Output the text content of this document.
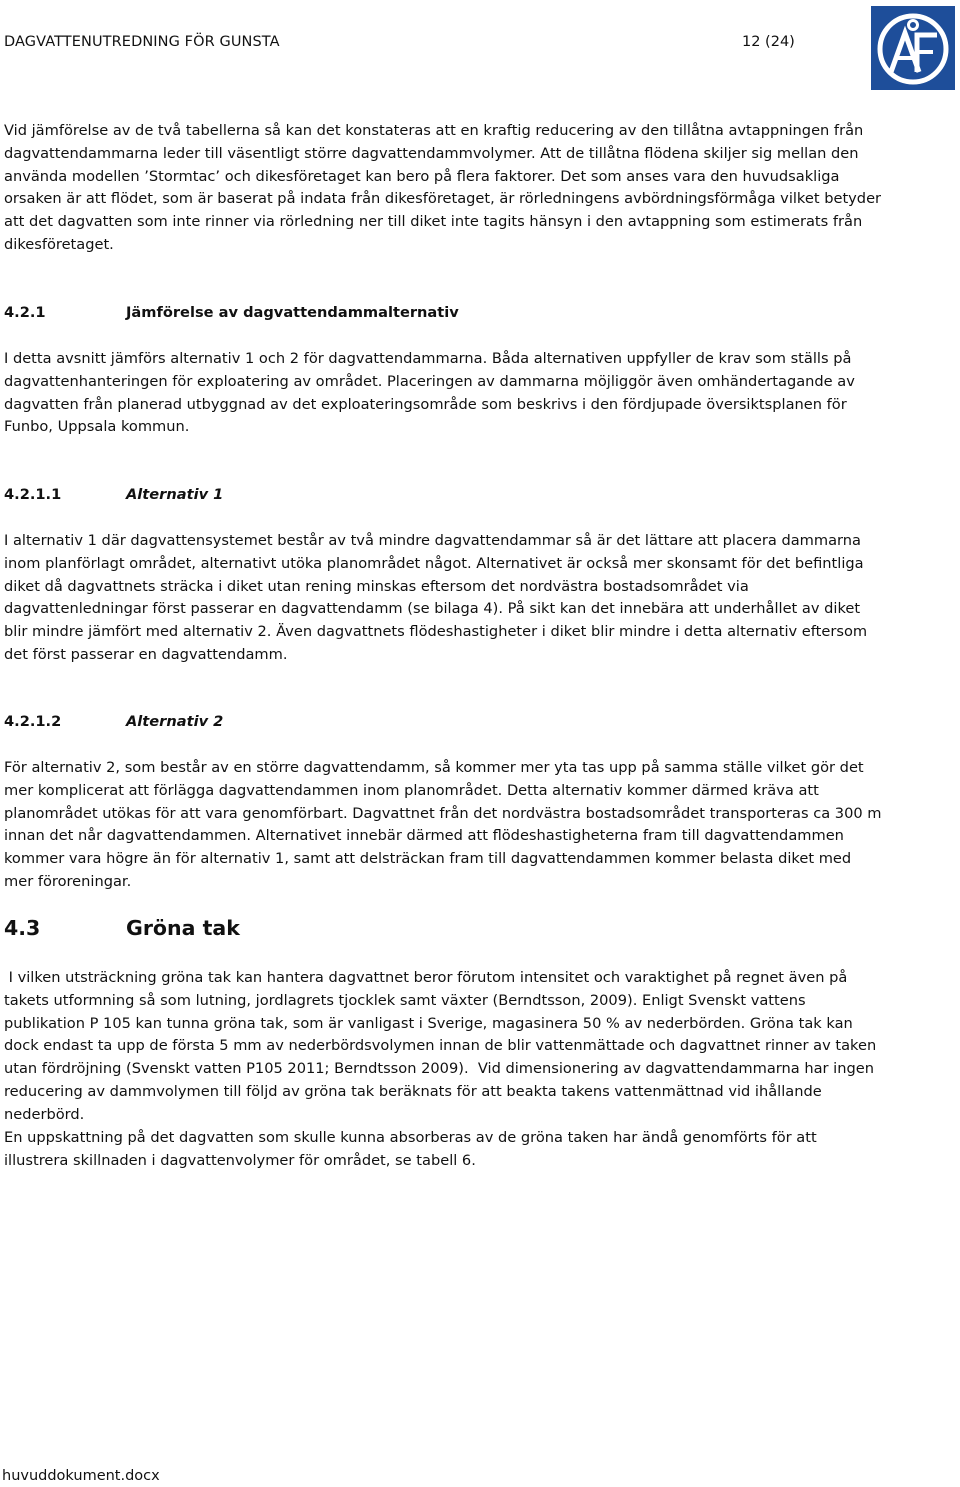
DAGVATTENUTREDNING FÖR GUNSTA	12 (24)

Vid jämförelse av de två tabellerna så kan det konstateras att en kraftig reducering av den tillåtna avtappningen från dagvattendammarna leder till väsentligt större dagvattendammvolymer. Att de tillåtna flödena skiljer sig mellan den använda modellen ’Stormtac’ och dikesföretaget kan bero på flera faktorer. Det som anses vara den huvudsakliga orsaken är att flödet, som är baserat på indata från dikesföretaget, är rörledningens avbördningsförmåga vilket betyder att det dagvatten som inte rinner via rörledning ner till diket inte tagits hänsyn i den avtappning som estimerats från dikesföretaget.

4.2.1	Jämförelse av dagvattendammalternativ

I detta avsnitt jämförs alternativ 1 och 2 för dagvattendammarna. Båda alternativen uppfyller de krav som ställs på dagvattenhanteringen för exploatering av området. Placeringen av dammarna möjliggör även omhändertagande av dagvatten från planerad utbyggnad av det exploateringsområde som beskrivs i den fördjupade översiktsplanen för Funbo, Uppsala kommun.

4.2.1.1	Alternativ 1

I alternativ 1 där dagvattensystemet består av två mindre dagvattendammar så är det lättare att placera dammarna inom planförlagt området, alternativt utöka planområdet något. Alternativet är också mer skonsamt för det befintliga diket då dagvattnets sträcka i diket utan rening minskas eftersom det nordvästra bostadsområdet via dagvattenledningar först passerar en dagvattendamm (se bilaga 4). På sikt kan det innebära att underhållet av diket blir mindre jämfört med alternativ 2. Även dagvattnets flödeshastigheter i diket blir mindre i detta alternativ eftersom det först passerar en dagvattendamm.

4.2.1.2	Alternativ 2

För alternativ 2, som består av en större dagvattendamm, så kommer mer yta tas upp på samma ställe vilket gör det mer komplicerat att förlägga dagvattendammen inom planområdet. Detta alternativ kommer därmed kräva att planområdet utökas för att vara genomförbart. Dagvattnet från det nordvästra bostadsområdet transporteras ca 300 m innan det når dagvattendammen. Alternativet innebär därmed att flödeshastigheterna fram till dagvattendammen kommer vara högre än för alternativ 1, samt att delsträckan fram till dagvattendammen kommer belasta diket med mer föroreningar.

4.3	Gröna tak

I vilken utsträckning gröna tak kan hantera dagvattnet beror förutom intensitet och varaktighet på regnet även på takets utformning så som lutning, jordlagrets tjocklek samt växter (Berndtsson, 2009). Enligt Svenskt vattens publikation P 105 kan tunna gröna tak, som är vanligast i Sverige, magasinera 50 % av nederbörden. Gröna tak kan dock endast ta upp de första 5 mm av nederbördsvolymen innan de blir vattenmättade och dagvattnet rinner av taken utan fördröjning (Svenskt vatten P105 2011; Berndtsson 2009).  Vid dimensionering av dagvattendammarna har ingen reducering av dammvolymen till följd av gröna tak beräknats för att beakta takens vattenmättnad vid ihållande nederbörd.

En uppskattning på det dagvatten som skulle kunna absorberas av de gröna taken har ändå genomförts för att illustrera skillnaden i dagvattenvolymer för området, se tabell 6.

huvuddokument.docx
